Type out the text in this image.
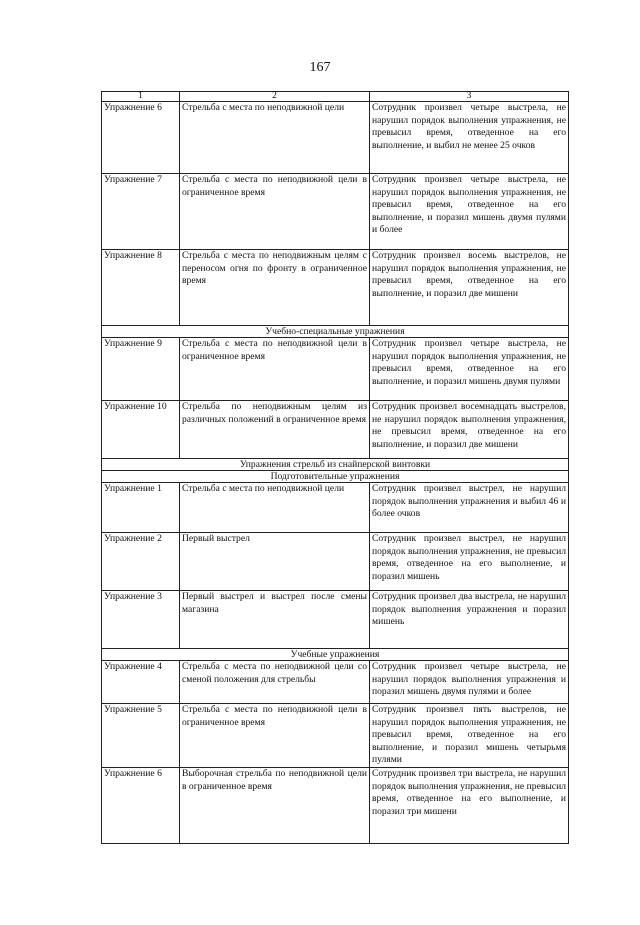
167
1	2	3
Упражнение 6	Стрельба с места по неподвижной цели	Сотрудник произвел четыре выстрела, не нарушил порядок выполнения упражнения, не превысил время, отведенное на его выполнение, и выбил не менее 25 очков
Упражнение 7	Стрельба с места по неподвижной цели в ограниченное время	Сотрудник произвел четыре выстрела, не нарушил порядок выполнения упражнения, не превысил время, отведенное на его выполнение, и поразил мишень двумя пулями и более
Упражнение 8	Стрельба с места по неподвижным целям с переносом огня по фронту в ограниченное время	Сотрудник произвел восемь выстрелов, не нарушил порядок выполнения упражнения, не превысил время, отведенное на его выполнение, и поразил две мишени
Учебно-специальные упражнения		
Упражнение 9	Стрельба с места по неподвижной цели в ограниченное время	Сотрудник произвел четыре выстрела, не нарушил порядок выполнения упражнения, не превысил время, отведенное на его выполнение, и поразил мишень двумя пулями
Упражнение 10	Стрельба по неподвижным целям из различных положений в ограниченное время	Сотрудник произвел восемнадцать выстрелов, не нарушил порядок выполнения упражнения, не превысил время, отведенное на его выполнение, и поразил две мишени
Упражнения стрельб из снайперской винтовки		
Подготовительные упражнения		
Упражнение 1	Стрельба с места по неподвижной цели	Сотрудник произвел выстрел, не нарушил порядок выполнения упражнения и выбил 46 и более очков
Упражнение 2	Первый выстрел	Сотрудник произвел выстрел, не нарушил порядок выполнения упражнения, не превысил время, отведенное на его выполнение, и поразил мишень
Упражнение 3	Первый выстрел и выстрел после смены магазина	Сотрудник произвел два выстрела, не нарушил порядок выполнения упражнения и поразил мишень
Учебные упражнения		
Упражнение 4	Стрельба с места по неподвижной цели со сменой положения для стрельбы	Сотрудник произвел четыре выстрела, не нарушил порядок выполнения упражнения и поразил мишень двумя пулями и более
Упражнение 5	Стрельба с места по неподвижной цели в ограниченное время	Сотрудник произвел пять выстрелов, не нарушил порядок выполнения упражнения, не превысил время, отведенное на его выполнение, и поразил мишень четырьмя пулями
Упражнение 6	Выборочная стрельба по неподвижной цели в ограниченное время	Сотрудник произвел три выстрела, не нарушил порядок выполнения упражнения, не превысил время, отведенное на его выполнение, и поразил три мишени
